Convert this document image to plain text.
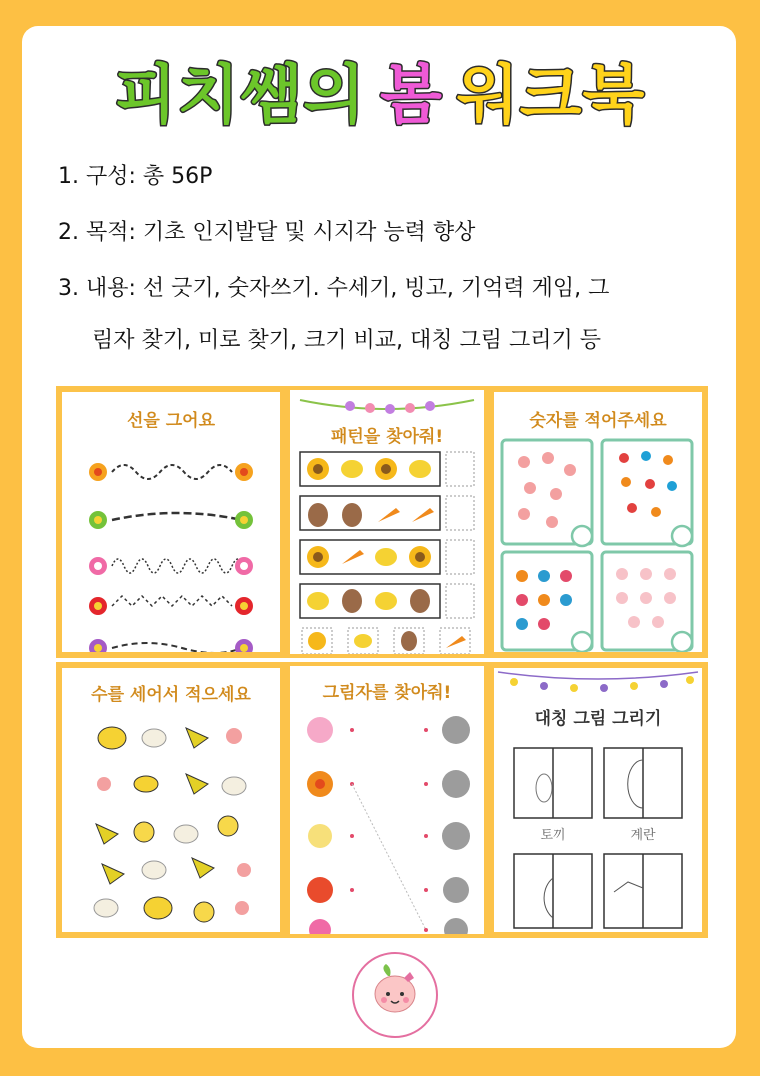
피치쌤의 봄 워크북
1. 구성: 총 56P
2. 목적: 기초 인지발달 및 시지각 능력 향상
3. 내용: 선 긋기, 숫자쓰기. 수세기, 빙고, 기억력 게임, 그
림자 찾기, 미로 찾기, 크기 비교, 대칭 그림 그리기 등
선을 그어요
패턴을 찾아줘!
숫자를 적어주세요
수를 세어서 적으세요	그림자를 찾아줘!
대칭 그림 그리기
토끼	계란
